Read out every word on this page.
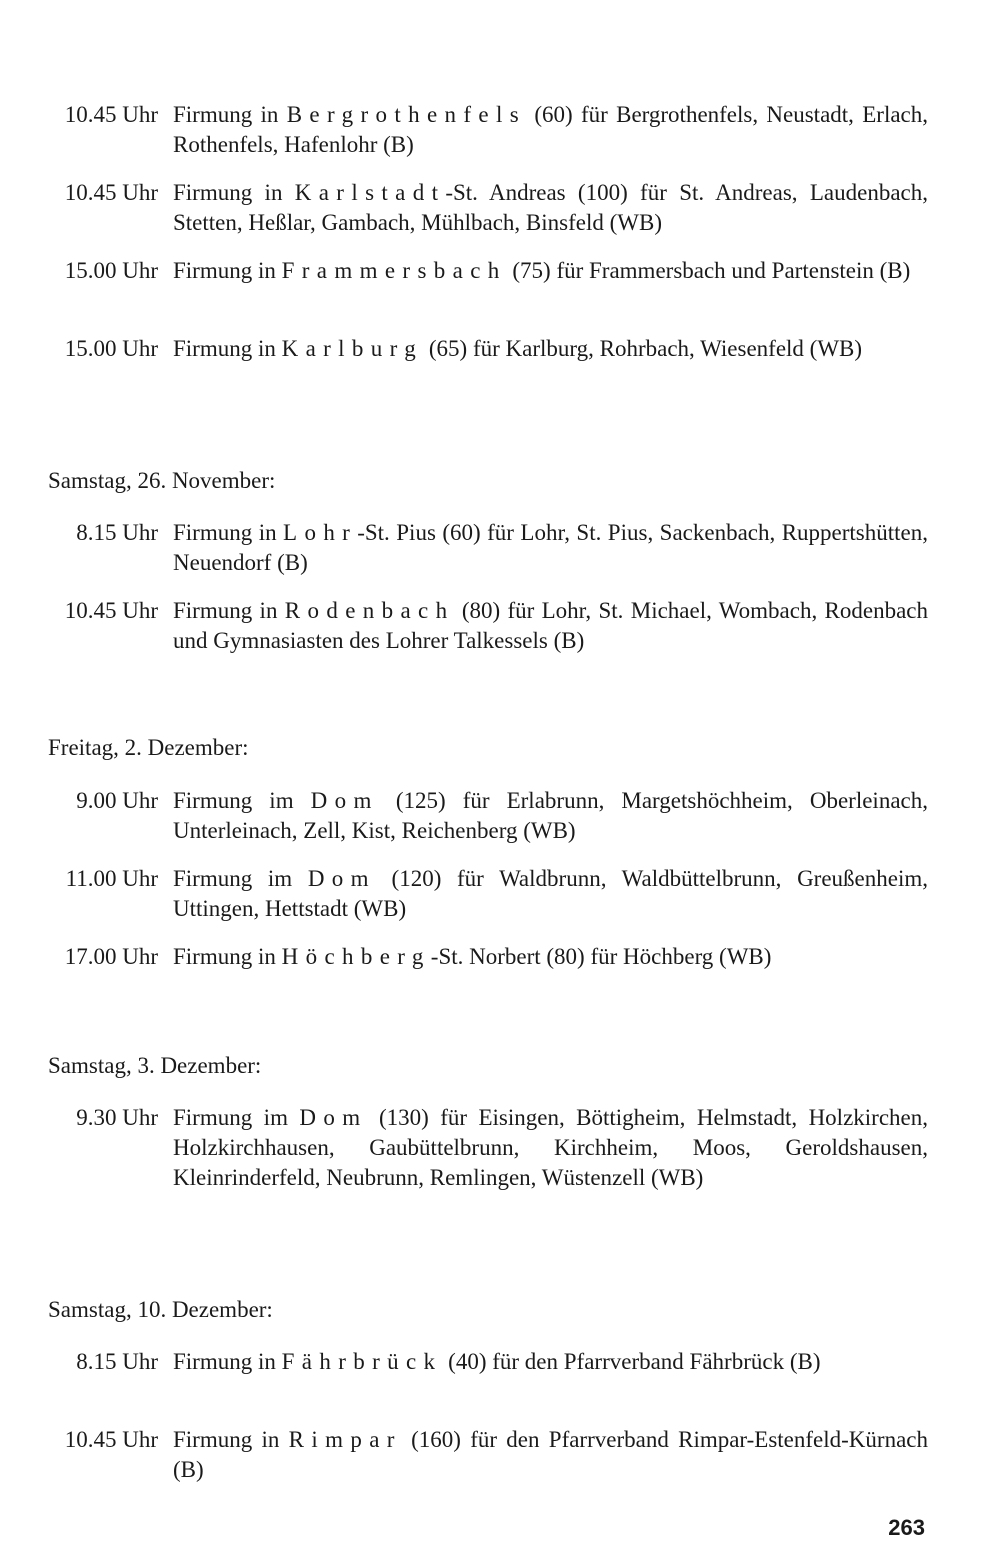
10.45 Uhr Firmung in Bergrothenfels (60) für Bergrothenfels, Neustadt, Erlach, Rothenfels, Hafenlohr (B)
10.45 Uhr Firmung in Karlstadt-St. Andreas (100) für St. Andreas, Laudenbach, Stetten, Heßlar, Gambach, Mühlbach, Binsfeld (WB)
15.00 Uhr Firmung in Frammersbach (75) für Frammersbach und Partenstein (B)
15.00 Uhr Firmung in Karlburg (65) für Karlburg, Rohrbach, Wiesenfeld (WB)
Samstag, 26. November:
8.15 Uhr Firmung in Lohr-St. Pius (60) für Lohr, St. Pius, Sackenbach, Ruppertshütten, Neuendorf (B)
10.45 Uhr Firmung in Rodenbach (80) für Lohr, St. Michael, Wombach, Rodenbach und Gymnasiasten des Lohrer Talkessels (B)
Freitag, 2. Dezember:
9.00 Uhr Firmung im Dom (125) für Erlabrunn, Margetshöchheim, Oberleinach, Unterleinach, Zell, Kist, Reichenberg (WB)
11.00 Uhr Firmung im Dom (120) für Waldbrunn, Waldbüttelbrunn, Greußenheim, Uttingen, Hettstadt (WB)
17.00 Uhr Firmung in Höchberg-St. Norbert (80) für Höchberg (WB)
Samstag, 3. Dezember:
9.30 Uhr Firmung im Dom (130) für Eisingen, Böttigheim, Helmstadt, Holzkirchen, Holzkirchhausen, Gaubüttelbrunn, Kirchheim, Moos, Geroldshausen, Kleinrinderfeld, Neubrunn, Remlingen, Wüstenzell (WB)
Samstag, 10. Dezember:
8.15 Uhr Firmung in Fährbrück (40) für den Pfarrverband Fährbrück (B)
10.45 Uhr Firmung in Rimpar (160) für den Pfarrverband Rimpar-Estenfeld-Kürnach (B)
263
